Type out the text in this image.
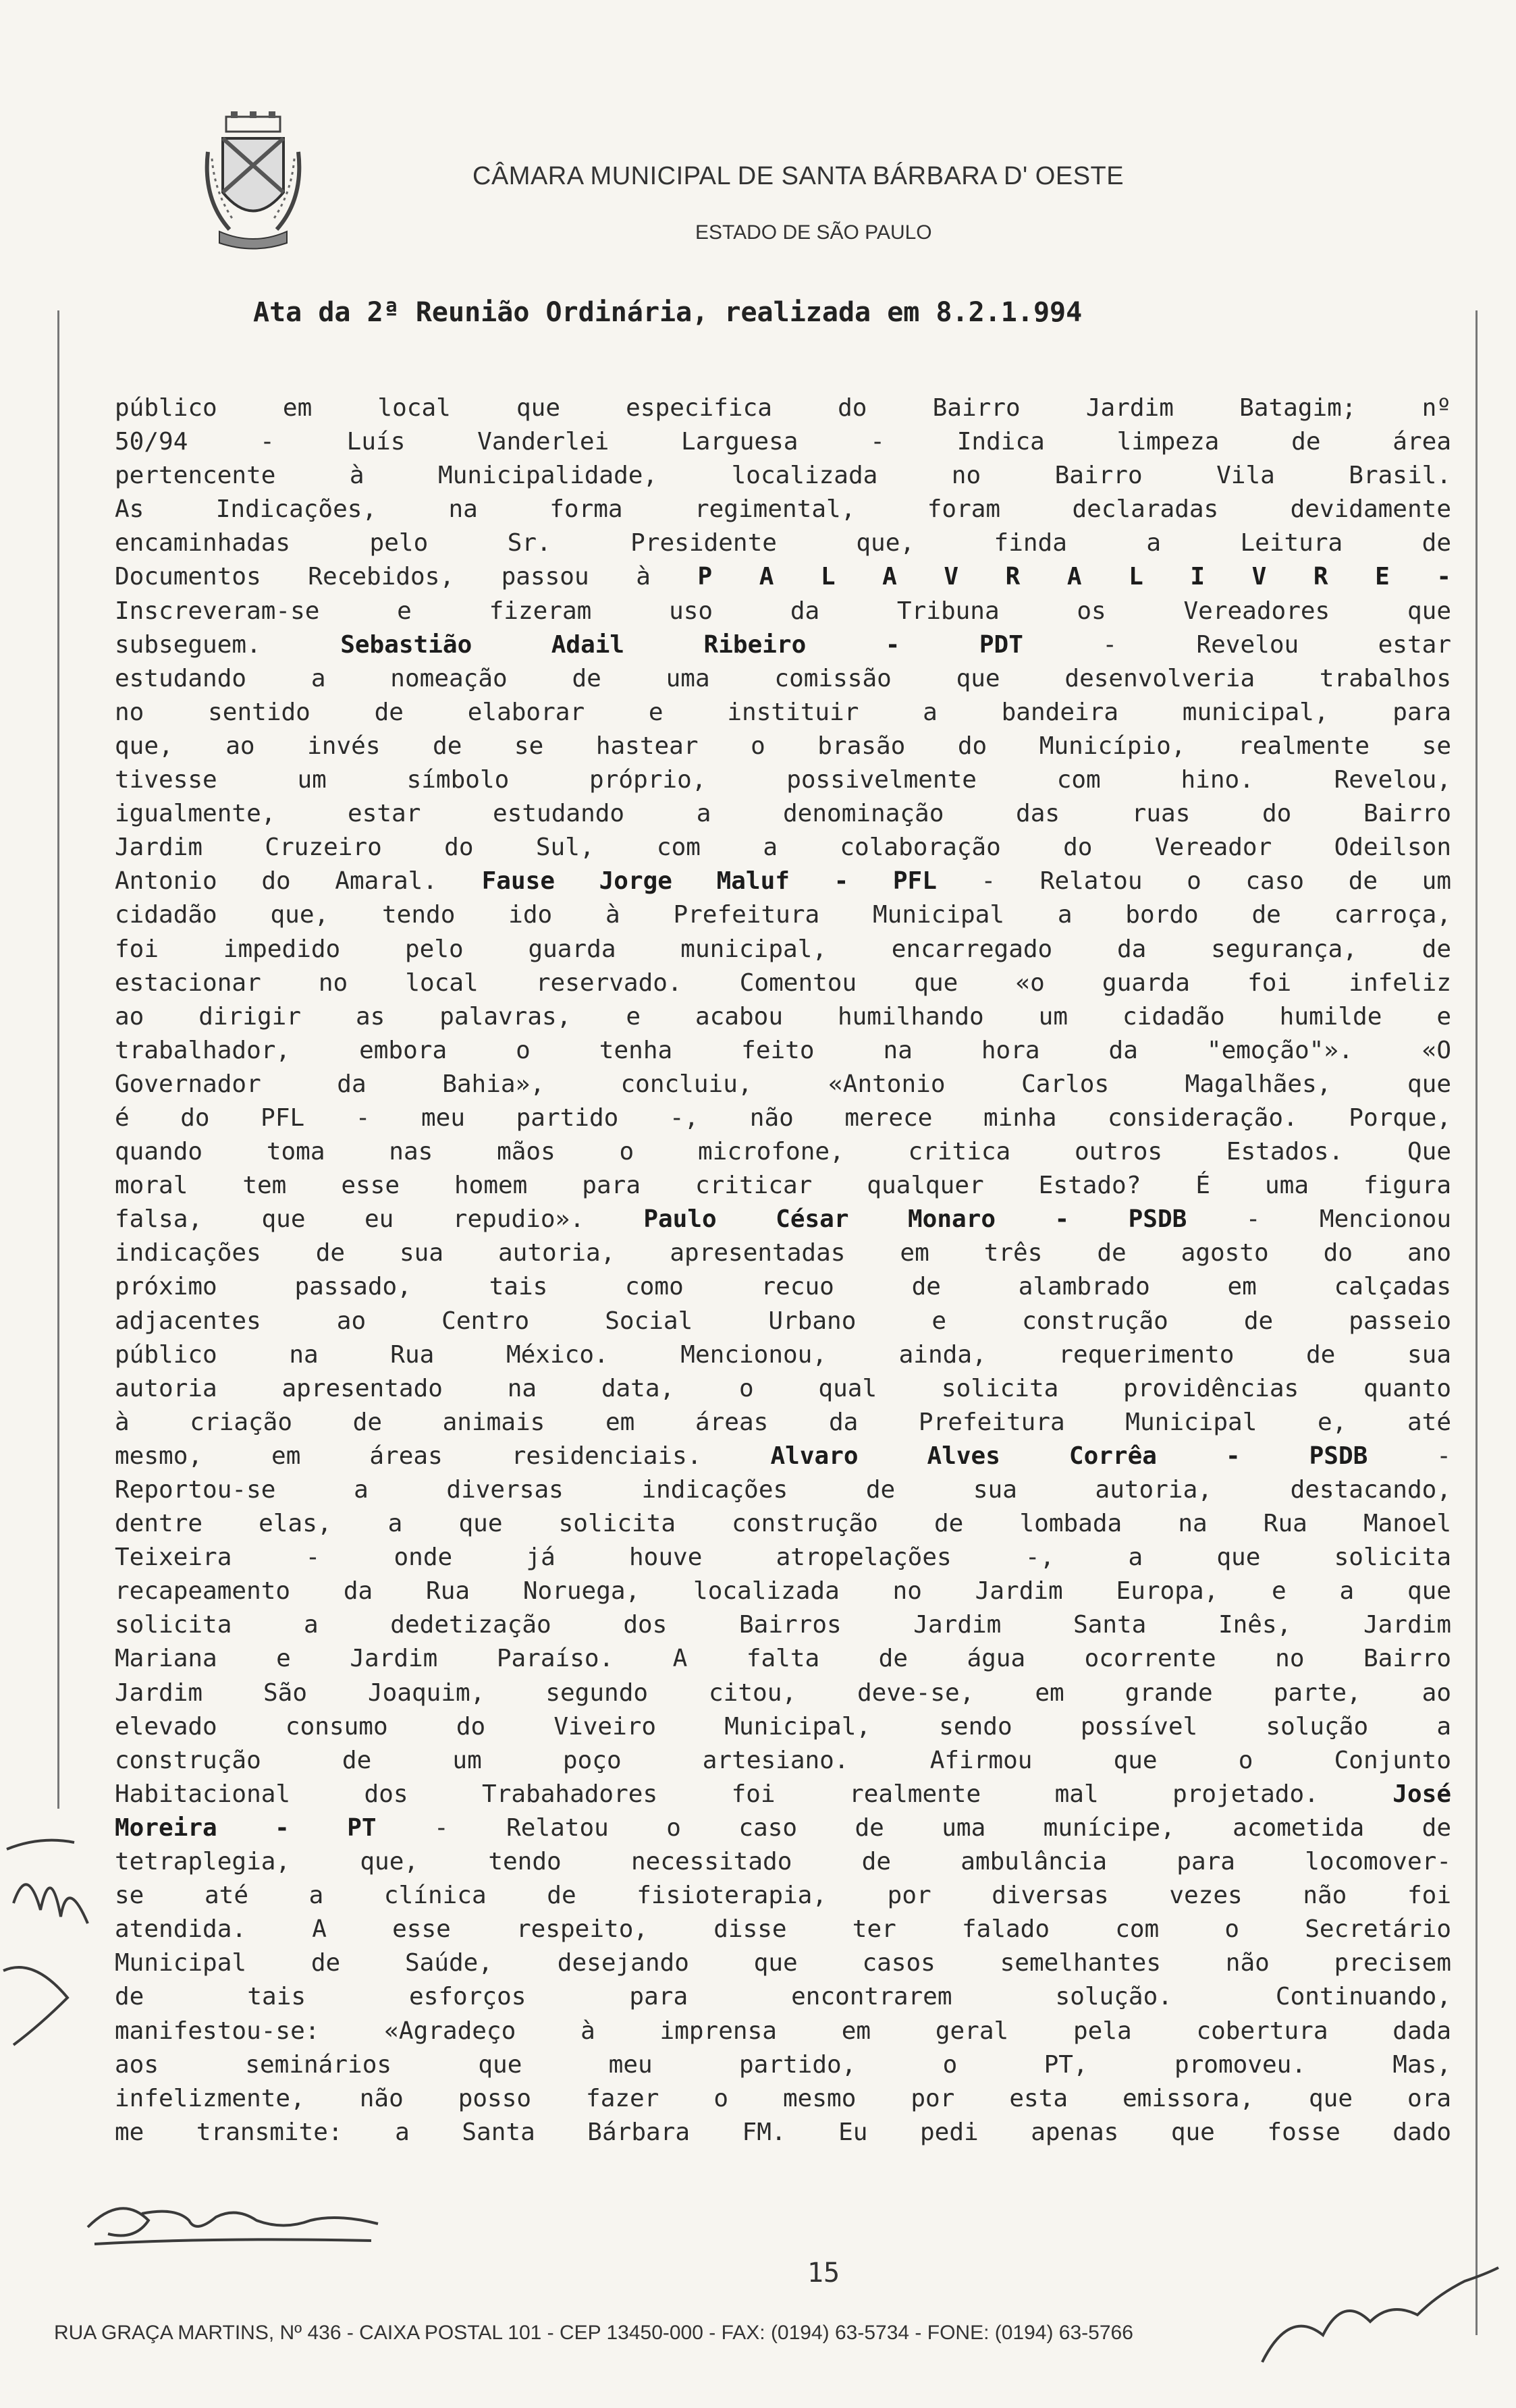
CÂMARA MUNICIPAL DE SANTA BÁRBARA D' OESTE
ESTADO DE SÃO PAULO
Ata da 2ª Reunião Ordinária, realizada em 8.2.1.994
público em local que especifica do Bairro Jardim Batagim; nº
50/94 - Luís Vanderlei Larguesa - Indica limpeza de área
pertencente à Municipalidade, localizada no Bairro Vila Brasil.
As Indicações, na forma regimental, foram declaradas devidamente
encaminhadas pelo Sr. Presidente que, finda a Leitura de
Documentos Recebidos, passou à P A L A V R A L I V R E -
Inscreveram-se e fizeram uso da Tribuna os Vereadores que
subseguem. Sebastião Adail Ribeiro - PDT - Revelou estar
estudando a nomeação de uma comissão que desenvolveria trabalhos
no sentido de elaborar e instituir a bandeira municipal, para
que, ao invés de se hastear o brasão do Município, realmente se
tivesse um símbolo próprio, possivelmente com hino. Revelou,
igualmente, estar estudando a denominação das ruas do Bairro
Jardim Cruzeiro do Sul, com a colaboração do Vereador Odeilson
Antonio do Amaral. Fause Jorge Maluf - PFL - Relatou o caso de um
cidadão que, tendo ido à Prefeitura Municipal a bordo de carroça,
foi impedido pelo guarda municipal, encarregado da segurança, de
estacionar no local reservado. Comentou que «o guarda foi infeliz
ao dirigir as palavras, e acabou humilhando um cidadão humilde e
trabalhador, embora o tenha feito na hora da "emoção"». «O
Governador da Bahia», concluiu, «Antonio Carlos Magalhães, que
é do PFL - meu partido -, não merece minha consideração. Porque,
quando toma nas mãos o microfone, critica outros Estados. Que
moral tem esse homem para criticar qualquer Estado? É uma figura
falsa, que eu repudio». Paulo César Monaro - PSDB - Mencionou
indicações de sua autoria, apresentadas em três de agosto do ano
próximo passado, tais como recuo de alambrado em calçadas
adjacentes ao Centro Social Urbano e construção de passeio
público na Rua México. Mencionou, ainda, requerimento de sua
autoria apresentado na data, o qual solicita providências quanto
à criação de animais em áreas da Prefeitura Municipal e, até
mesmo, em áreas residenciais. Alvaro Alves Corrêa - PSDB -
Reportou-se a diversas indicações de sua autoria, destacando,
dentre elas, a que solicita construção de lombada na Rua Manoel
Teixeira - onde já houve atropelações -, a que solicita
recapeamento da Rua Noruega, localizada no Jardim Europa, e a que
solicita a dedetização dos Bairros Jardim Santa Inês, Jardim
Mariana e Jardim Paraíso. A falta de água ocorrente no Bairro
Jardim São Joaquim, segundo citou, deve-se, em grande parte, ao
elevado consumo do Viveiro Municipal, sendo possível solução a
construção de um poço artesiano. Afirmou que o Conjunto
Habitacional dos Trabahadores foi realmente mal projetado. José
Moreira - PT - Relatou o caso de uma munícipe, acometida de
tetraplegia, que, tendo necessitado de ambulância para locomover-
se até a clínica de fisioterapia, por diversas vezes não foi
atendida. A esse respeito, disse ter falado com o Secretário
Municipal de Saúde, desejando que casos semelhantes não precisem
de tais esforços para encontrarem solução. Continuando,
manifestou-se: «Agradeço à imprensa em geral pela cobertura dada
aos seminários que meu partido, o PT, promoveu. Mas,
infelizmente, não posso fazer o mesmo por esta emissora, que ora
me transmite: a Santa Bárbara FM. Eu pedi apenas que fosse dado
15
RUA GRAÇA MARTINS, Nº 436 - CAIXA POSTAL 101 - CEP 13450-000 - FAX: (0194) 63-5734 - FONE: (0194) 63-5766
